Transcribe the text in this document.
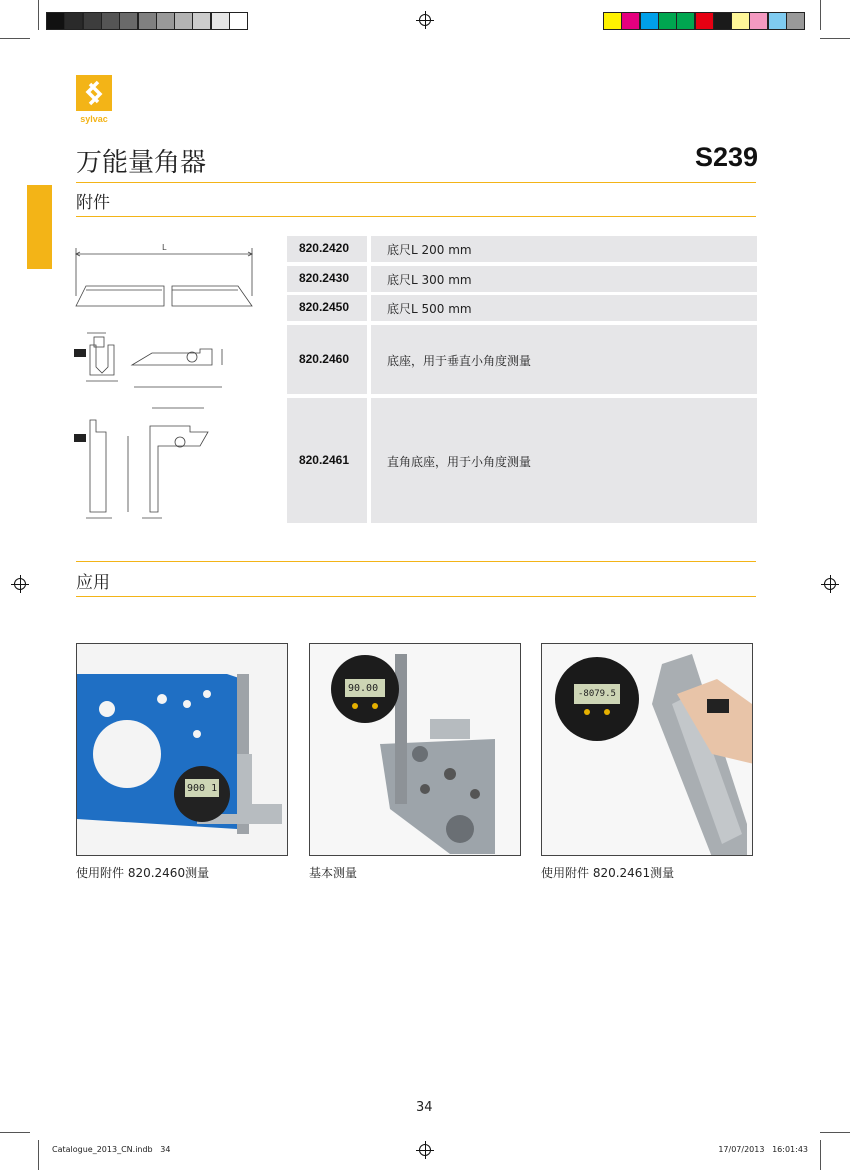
sylvac
万能量角器	S239
附件
L	820.2420	底尺L 200 mm
820.2430	底尺L 300 mm
820.2450	底尺L 500 mm
820.2460	底座，用于垂直小角度测量
820.2461	直角底座，用于小角度测量
应用
900 1
使用附件 820.2460测量
90.00
基本测量
-8079.5
使用附件 820.2461测量
34
Catalogue_2013_CN.indb   34	17/07/2013   16:01:43
